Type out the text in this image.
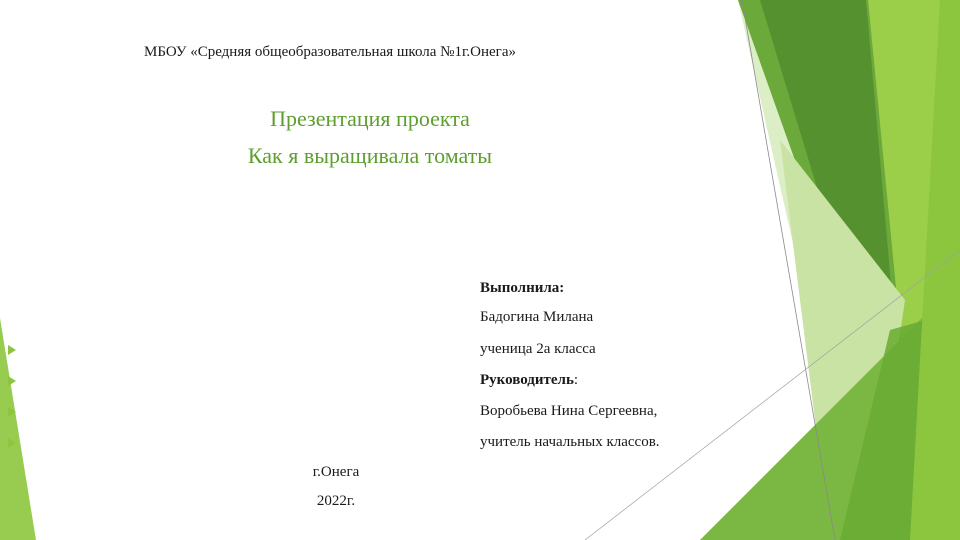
МБОУ «Средняя общеобразовательная школа №1г.Онега»
Презентация проекта
Как я выращивала томаты
Выполнила:
Бадогина Милана
ученица 2а класса
Руководитель:
Воробьева Нина Сергеевна,
учитель начальных классов.
г.Онега
2022г.
